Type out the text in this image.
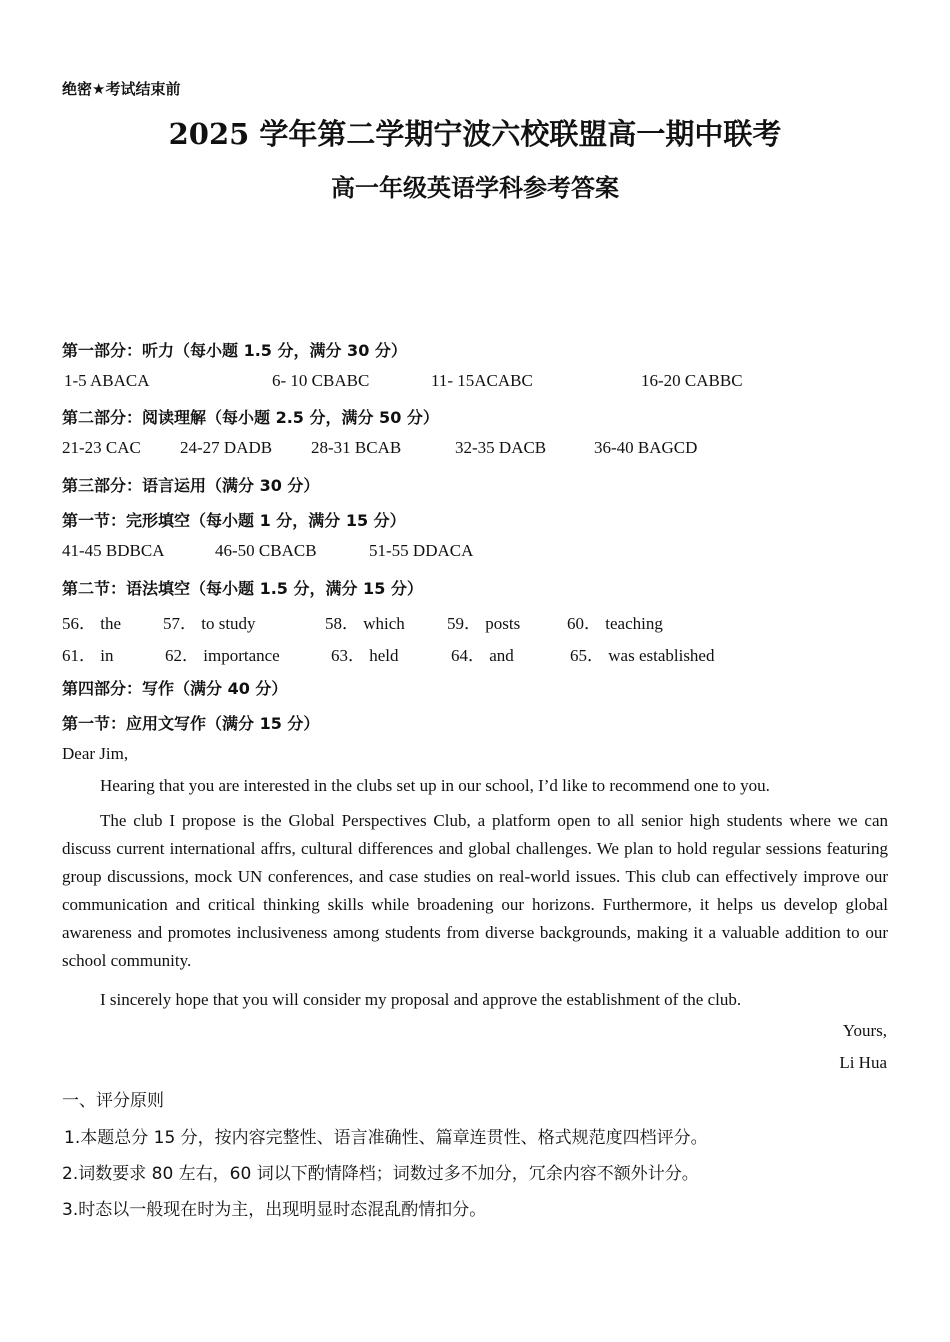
绝密★考试结束前
2025 学年第二学期宁波六校联盟高一期中联考
高一年级英语学科参考答案
第一部分：听力（每小题 1.5 分，满分 30 分）
1-5 ABACA	6- 10 CBABC	11- 15ACABC	16-20 CABBC
第二部分：阅读理解（每小题 2.5 分，满分 50 分）
21-23 CAC 24-27 DADB 28-31 BCAB	32-35 DACB	36-40 BAGCD
第三部分：语言运用（满分 30 分）
第一节：完形填空（每小题 1 分，满分 15 分）
41-45 BDBCA	46-50 CBACB	51-55 DDACA
第二节：语法填空（每小题 1.5 分，满分 15 分）
56． the 57． to study	58． which 59． posts	60． teaching
61． in	62． importance	63． held	64． and	65． was established
第四部分：写作（满分 40 分）
第一节：应用文写作（满分 15 分）
Dear Jim,
Hearing that you are interested in the clubs set up in our school, I’d like to recommend one to you.
The club I propose is the Global Perspectives Club, a platform open to all senior high students where we can discuss current international affrs, cultural differences and global challenges. We plan to hold regular sessions featuring group discussions, mock UN conferences, and case studies on real-world issues. This club can effectively improve our communication and critical thinking skills while broadening our horizons. Furthermore, it helps us develop global awareness and promotes inclusiveness among students from diverse backgrounds, making it a valuable addition to our school community.
I sincerely hope that you will consider my proposal and approve the establishment of the club.
Yours,
Li Hua
一、评分原则
1.本题总分 15 分，按内容完整性、语言准确性、篇章连贯性、格式规范度四档评分。
2.词数要求 80 左右，60 词以下酌情降档；词数过多不加分，冗余内容不额外计分。
3.时态以一般现在时为主，出现明显时态混乱酌情扣分。
